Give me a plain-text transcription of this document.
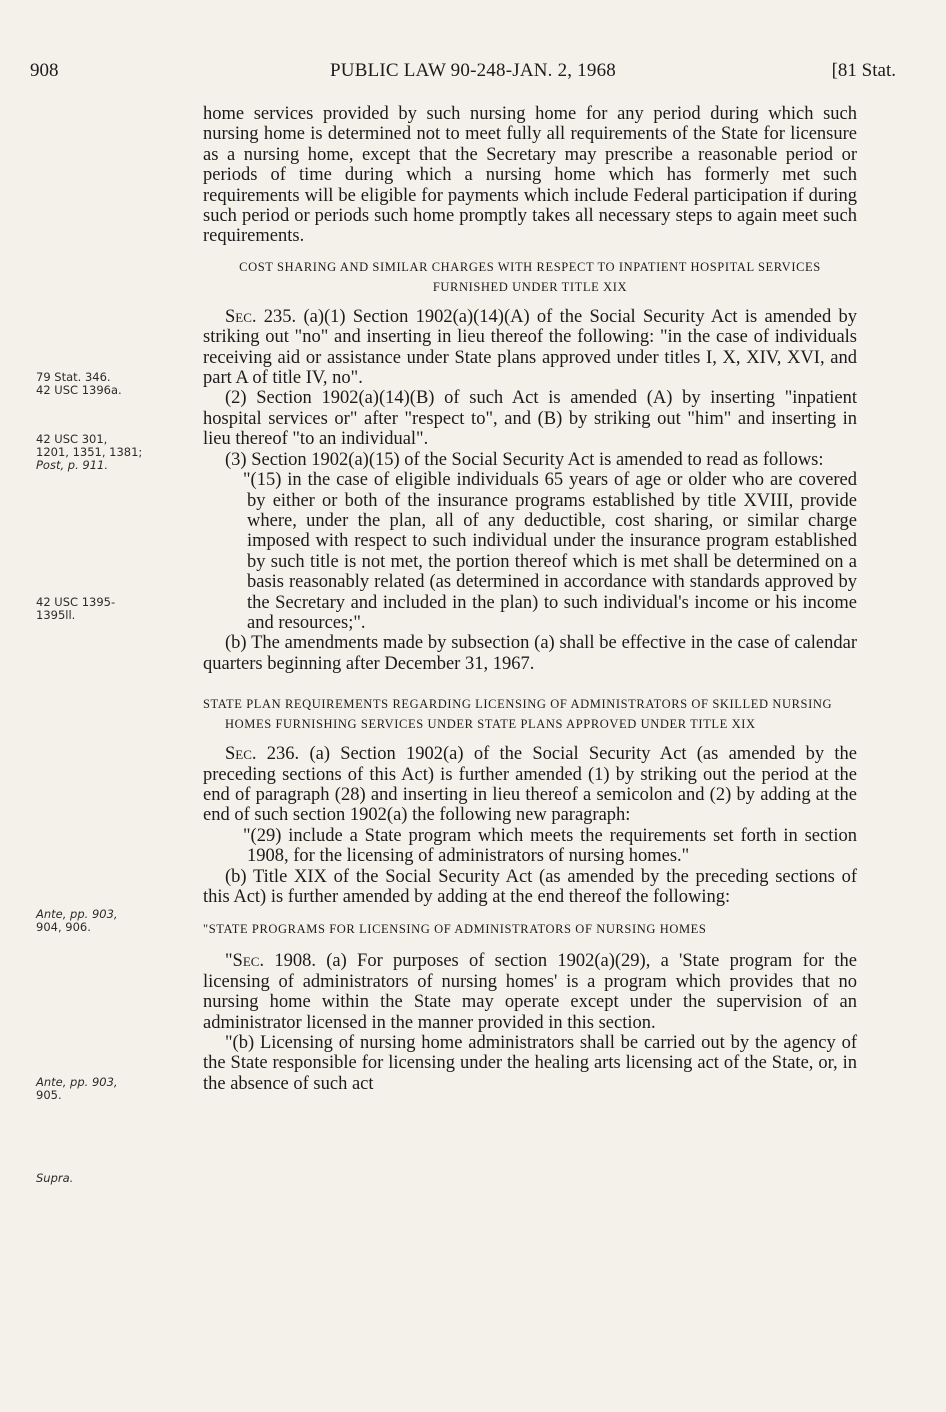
908	PUBLIC LAW 90-248-JAN. 2, 1968	[81 Stat.
79 Stat. 346.
42 USC 1396a.
42 USC 301,
1201, 1351, 1381;
Post, p. 911.
42 USC 1395-
1395ll.
Ante, pp. 903,
904, 906.
Ante, pp. 903,
905.
Supra.

home services provided by such nursing home for any period during which such nursing home is determined not to meet fully all requirements of the State for licensure as a nursing home, except that the Secretary may prescribe a reasonable period or periods of time during which a nursing home which has formerly met such requirements will be eligible for payments which include Federal participation if during such period or periods such home promptly takes all necessary steps to again meet such requirements.

COST SHARING AND SIMILAR CHARGES WITH RESPECT TO INPATIENT HOSPITAL SERVICES FURNISHED UNDER TITLE XIX

Sec. 235. (a)(1) Section 1902(a)(14)(A) of the Social Security Act is amended by striking out "no" and inserting in lieu thereof the following: "in the case of individuals receiving aid or assistance under State plans approved under titles I, X, XIV, XVI, and part A of title IV, no".

(2) Section 1902(a)(14)(B) of such Act is amended (A) by inserting "inpatient hospital services or" after "respect to", and (B) by striking out "him" and inserting in lieu thereof "to an individual".

(3) Section 1902(a)(15) of the Social Security Act is amended to read as follows:

"(15) in the case of eligible individuals 65 years of age or older who are covered by either or both of the insurance programs established by title XVIII, provide where, under the plan, all of any deductible, cost sharing, or similar charge imposed with respect to such individual under the insurance program established by such title is not met, the portion thereof which is met shall be determined on a basis reasonably related (as determined in accordance with standards approved by the Secretary and included in the plan) to such individual's income or his income and resources;".

(b) The amendments made by subsection (a) shall be effective in the case of calendar quarters beginning after December 31, 1967.

STATE PLAN REQUIREMENTS REGARDING LICENSING OF ADMINISTRATORS OF SKILLED NURSING HOMES FURNISHING SERVICES UNDER STATE PLANS APPROVED UNDER TITLE XIX

Sec. 236. (a) Section 1902(a) of the Social Security Act (as amended by the preceding sections of this Act) is further amended (1) by striking out the period at the end of paragraph (28) and inserting in lieu thereof a semicolon and (2) by adding at the end of such section 1902(a) the following new paragraph:

"(29) include a State program which meets the requirements set forth in section 1908, for the licensing of administrators of nursing homes."

(b) Title XIX of the Social Security Act (as amended by the preceding sections of this Act) is further amended by adding at the end thereof the following:

"STATE PROGRAMS FOR LICENSING OF ADMINISTRATORS OF NURSING HOMES

"Sec. 1908. (a) For purposes of section 1902(a)(29), a 'State program for the licensing of administrators of nursing homes' is a program which provides that no nursing home within the State may operate except under the supervision of an administrator licensed in the manner provided in this section.

"(b) Licensing of nursing home administrators shall be carried out by the agency of the State responsible for licensing under the healing arts licensing act of the State, or, in the absence of such act
